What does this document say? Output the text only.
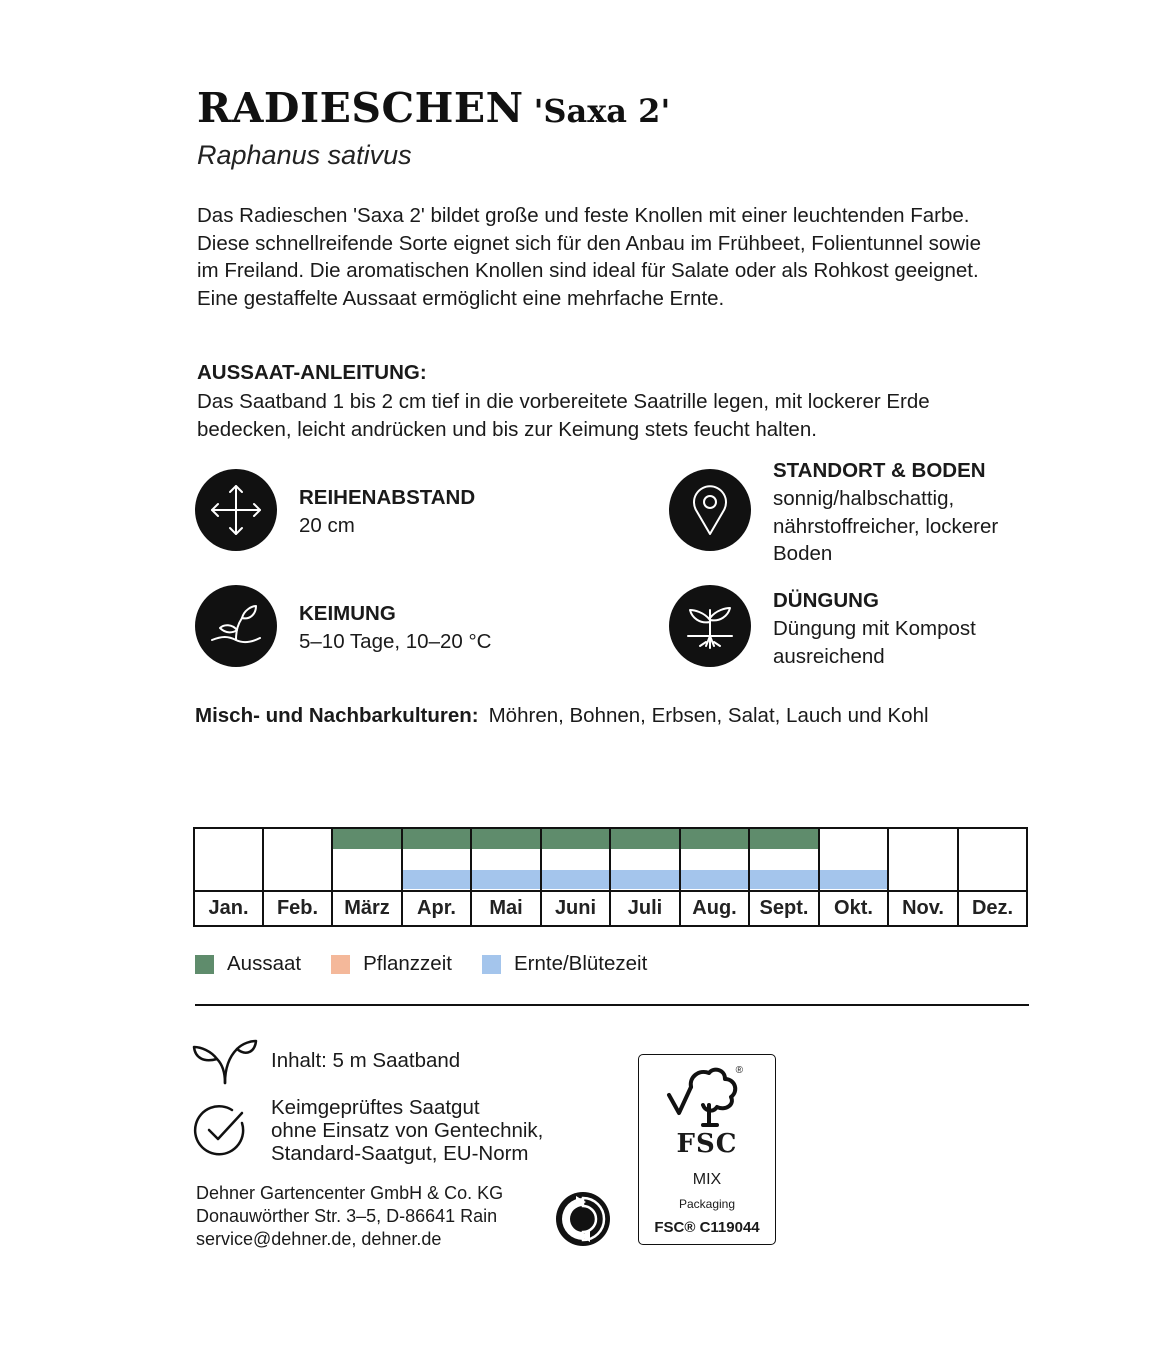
RADIESCHEN 'Saxa 2'
Raphanus sativus
Das Radieschen 'Saxa 2' bildet große und feste Knollen mit einer leuchtenden Farbe.
Diese schnellreifende Sorte eignet sich für den Anbau im Frühbeet, Folientunnel sowie
im Freiland. Die aromatischen Knollen sind ideal für Salate oder als Rohkost geeignet.
Eine gestaffelte Aussaat ermöglicht eine mehrfache Ernte.
AUSSAAT-ANLEITUNG:
Das Saatband 1 bis 2 cm tief in die vorbereitete Saatrille legen, mit lockerer Erde
bedecken, leicht andrücken und bis zur Keimung stets feucht halten.
REIHENABSTAND
20 cm
KEIMUNG
5–10 Tage, 10–20 °C
STANDORT & BODEN
sonnig/halbschattig,
nährstoffreicher, lockerer
Boden
DÜNGUNG
Düngung mit Kompost
ausreichend
Misch- und Nachbarkulturen: Möhren, Bohnen, Erbsen, Salat, Lauch und Kohl
Jan.	Feb.	März	Apr.	Mai	Juni	Juli	Aug.	Sept.	Okt.	Nov.	Dez.
Aussaat	Pflanzzeit	Ernte/Blütezeit
Inhalt: 5 m Saatband
Keimgeprüftes Saatgut
ohne Einsatz von Gentechnik,
Standard-Saatgut, EU-Norm
Dehner Gartencenter GmbH & Co. KG
Donauwörther Str. 3–5, D-86641 Rain
service@dehner.de, dehner.de
®
FSC
MIX
Packaging
FSC® C119044
